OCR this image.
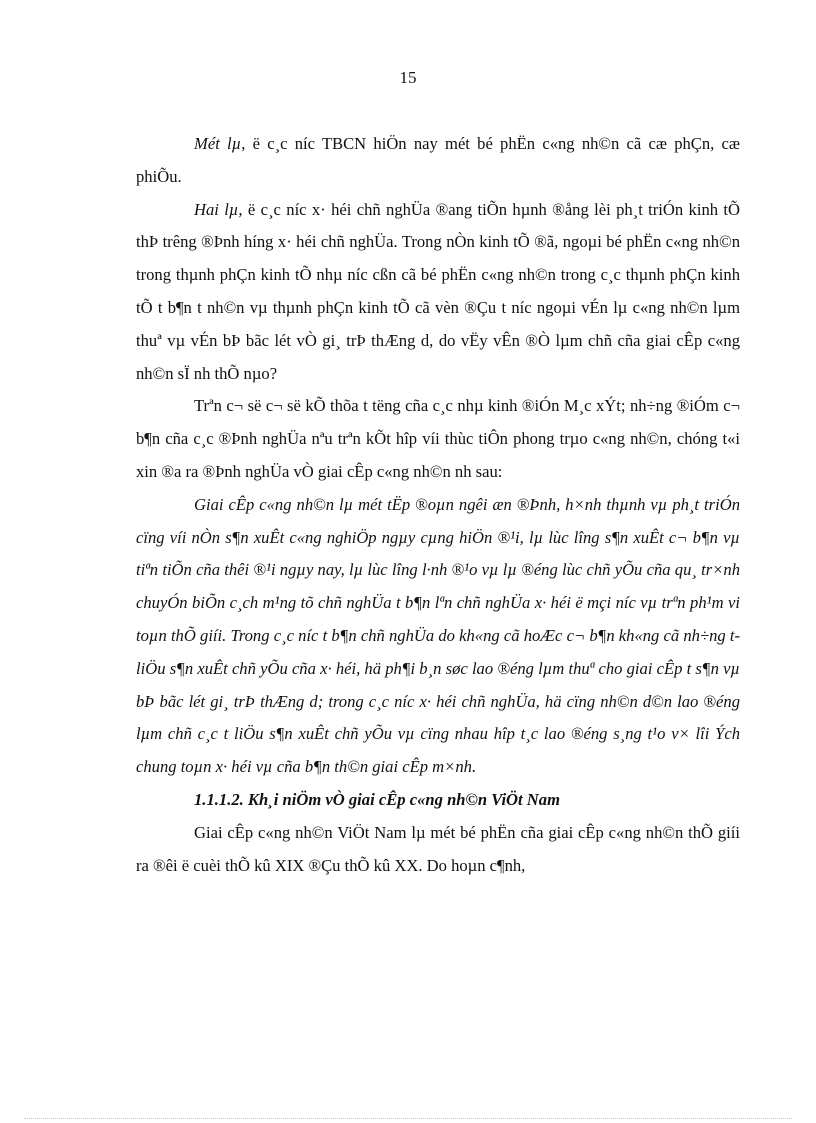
15

Mét lµ, ë c¸c níc TBCN hiÖn nay mét bé phËn c«ng nh©n cã cæ phÇn, cæ phiÕu.

Hai lµ, ë c¸c níc x· héi chñ nghÜa ®ang tiÕn hµnh ®ång lèi ph¸t triÓn kinh tÕ thÞ trêng ®Þnh híng x· héi chñ nghÜa. Trong nÒn kinh tÕ ®ã, ngoµi bé phËn c«ng nh©n trong thµnh phÇn kinh tÕ nhµ níc cßn cã bé phËn c«ng nh©n trong c¸c thµnh phÇn kinh tÕ t b¶n t nh©n vµ thµnh phÇn kinh tÕ cã vèn ®Çu t níc ngoµi vÉn lµ c«ng nh©n lµm thuª vµ vÉn bÞ bãc lét vÒ gi¸ trÞ thÆng d, do vËy vÊn ®Ò lµm chñ cña giai cÊp c«ng nh©n sÏ nh thÕ nµo?

Trªn c¬ së c¬ së kÕ thõa t tëng cña c¸c nhµ kinh ®iÓn M¸c xÝt; nh÷ng ®iÓm c¬ b¶n cña c¸c ®Þnh nghÜa nªu trªn kÕt hîp víi thùc tiÔn phong trµo c«ng nh©n, chóng t«i xin ®a ra ®Þnh nghÜa vÒ giai cÊp c«ng nh©n nh sau:

Giai cÊp c«ng nh©n lµ mét tËp ®oµn ngêi æn ®Þnh, h×nh thµnh vµ ph¸t triÓn cïng víi nÒn s¶n xuÊt c«ng nghiÖp ngµy cµng hiÖn ®¹i, lµ lùc lîng s¶n xuÊt c¬ b¶n vµ tiªn tiÕn cña thêi ®¹i ngµy nay, lµ lùc lîng l·nh ®¹o vµ lµ ®éng lùc chñ yÕu cña qu¸ tr×nh chuyÓn biÕn c¸ch m¹ng tõ chñ nghÜa t b¶n lªn chñ nghÜa x· héi ë mçi níc vµ trªn ph¹m vi toµn thÕ giíi. Trong c¸c níc t b¶n chñ nghÜa do kh«ng cã hoÆc c¬ b¶n kh«ng cã nh÷ng t liÖu s¶n xuÊt chñ yÕu cña x· héi, hä ph¶i b¸n søc lao ®éng lµm thuª cho giai cÊp t s¶n vµ bÞ bãc lét gi¸ trÞ thÆng d; trong c¸c níc x· héi chñ nghÜa, hä cïng nh©n d©n lao ®éng lµm chñ c¸c t liÖu s¶n xuÊt chñ yÕu vµ cïng nhau hîp t¸c lao ®éng s¸ng t¹o v× lîi Ých chung toµn x· héi vµ cña b¶n th©n giai cÊp m×nh.

1.1.1.2. Kh¸i niÖm vÒ giai cÊp c«ng nh©n ViÖt Nam

Giai cÊp c«ng nh©n ViÖt Nam lµ mét bé phËn cña giai cÊp c«ng nh©n thÕ giíi ra ®êi ë cuèi thÕ kû XIX ®Çu thÕ kû XX. Do hoµn c¶nh,
